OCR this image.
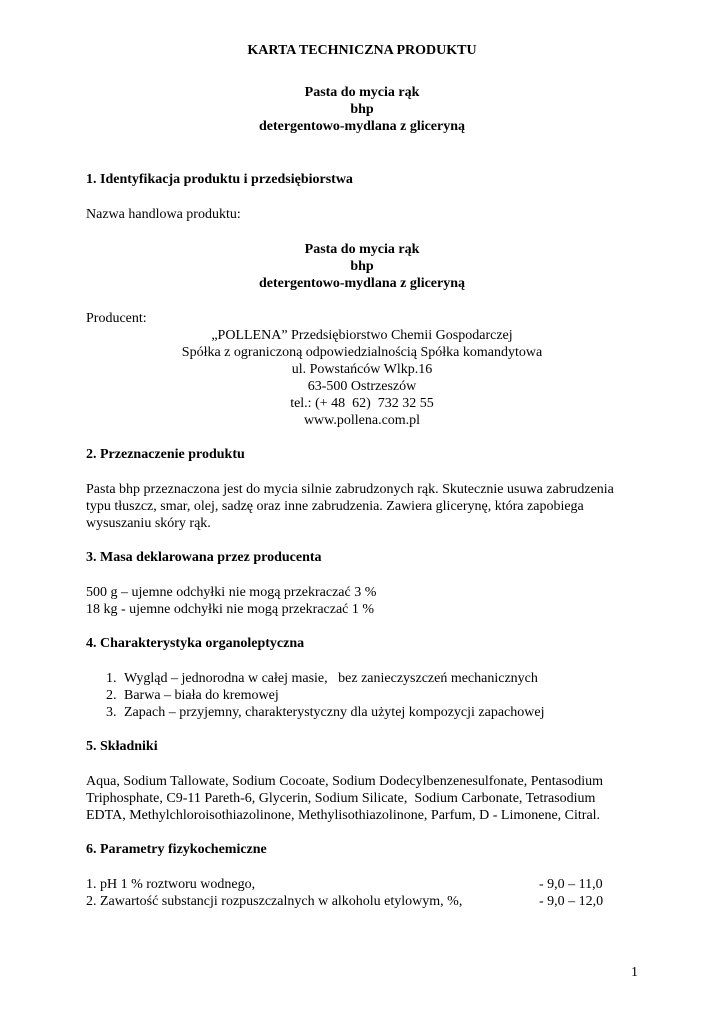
KARTA TECHNICZNA PRODUKTU
Pasta do mycia rąk
bhp
detergentowo-mydlana z gliceryną
1. Identyfikacja produktu i przedsiębiorstwa

Nazwa handlowa produktu:

Pasta do mycia rąk
bhp
detergentowo-mydlana z gliceryną

Producent:

„POLLENA” Przedsiębiorstwo Chemii Gospodarczej
Spółka z ograniczoną odpowiedzialnością Spółka komandytowa
ul. Powstańców Wlkp.16
63-500 Ostrzeszów
tel.: (+ 48  62)  732 32 55
www.pollena.com.pl
2. Przeznaczenie produktu
Pasta bhp przeznaczona jest do mycia silnie zabrudzonych rąk. Skutecznie usuwa zabrudzenia
typu tłuszcz, smar, olej, sadzę oraz inne zabrudzenia. Zawiera glicerynę, która zapobiega
wysuszaniu skóry rąk.
3. Masa deklarowana przez producenta
500 g – ujemne odchyłki nie mogą przekraczać 3 %
18 kg - ujemne odchyłki nie mogą przekraczać 1 %
4. Charakterystyka organoleptyczna
1. Wygląd – jednorodna w całej masie,   bez zanieczyszczeń mechanicznych
2. Barwa – biała do kremowej
3. Zapach – przyjemny, charakterystyczny dla użytej kompozycji zapachowej
5. Składniki
Aqua, Sodium Tallowate, Sodium Cocoate, Sodium Dodecylbenzenesulfonate, Pentasodium
Triphosphate, C9-11 Pareth-6, Glycerin, Sodium Silicate,  Sodium Carbonate, Tetrasodium
EDTA, Methylchloroisothiazolinone, Methylisothiazolinone, Parfum, D - Limonene, Citral.
6. Parametry fizykochemiczne
1. pH 1 % roztworu wodnego,	- 9,0 – 11,0
2. Zawartość substancji rozpuszczalnych w alkoholu etylowym, %,	- 9,0 – 12,0
1
